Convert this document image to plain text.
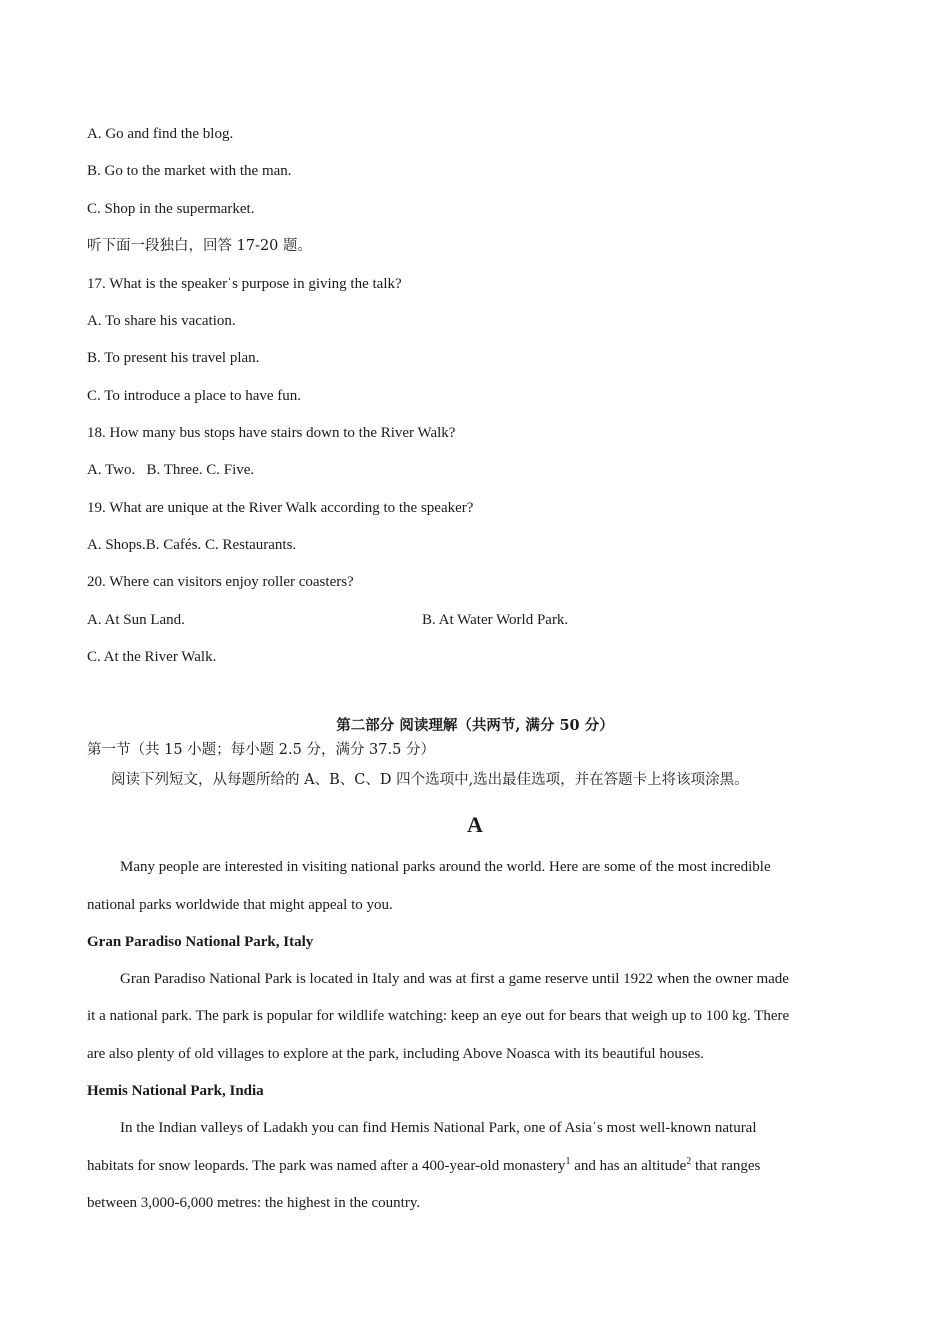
A. Go and find the blog.
B. Go to the market with the man.
C. Shop in the supermarket.
听下面一段独白，回答 17-20 题。
17. What is the speakerˈs purpose in giving the talk?
A. To share his vacation.
B. To present his travel plan.
C. To introduce a place to have fun.
18. How many bus stops have stairs down to the River Walk?
A. Two. B. Three. C. Five.
19. What are unique at the River Walk according to the speaker?
A. Shops.B. Cafés. C. Restaurants.
20. Where can visitors enjoy roller coasters?
A. At Sun Land.	B. At Water World Park.
C. At the River Walk.
第二部分 阅读理解（共两节, 满分 50 分）
第一节（共 15 小题；每小题 2.5 分，满分 37.5 分）
阅读下列短文，从每题所给的 A、B、C、D 四个选项中,选出最佳选项，并在答题卡上将该项涂黑。
A
Many people are interested in visiting national parks around the world. Here are some of the most incredible
national parks worldwide that might appeal to you.
Gran Paradiso National Park, Italy
Gran Paradiso National Park is located in Italy and was at first a game reserve until 1922 when the owner made
it a national park. The park is popular for wildlife watching: keep an eye out for bears that weigh up to 100 kg. There
are also plenty of old villages to explore at the park, including Above Noasca with its beautiful houses.
Hemis National Park, India
In the Indian valleys of Ladakh you can find Hemis National Park, one of Asiaˈs most well-known natural
habitats for snow leopards. The park was named after a 400-year-old monastery$^1$ and has an altitude$^2$ that ranges
between 3,000-6,000 metres: the highest in the country.
